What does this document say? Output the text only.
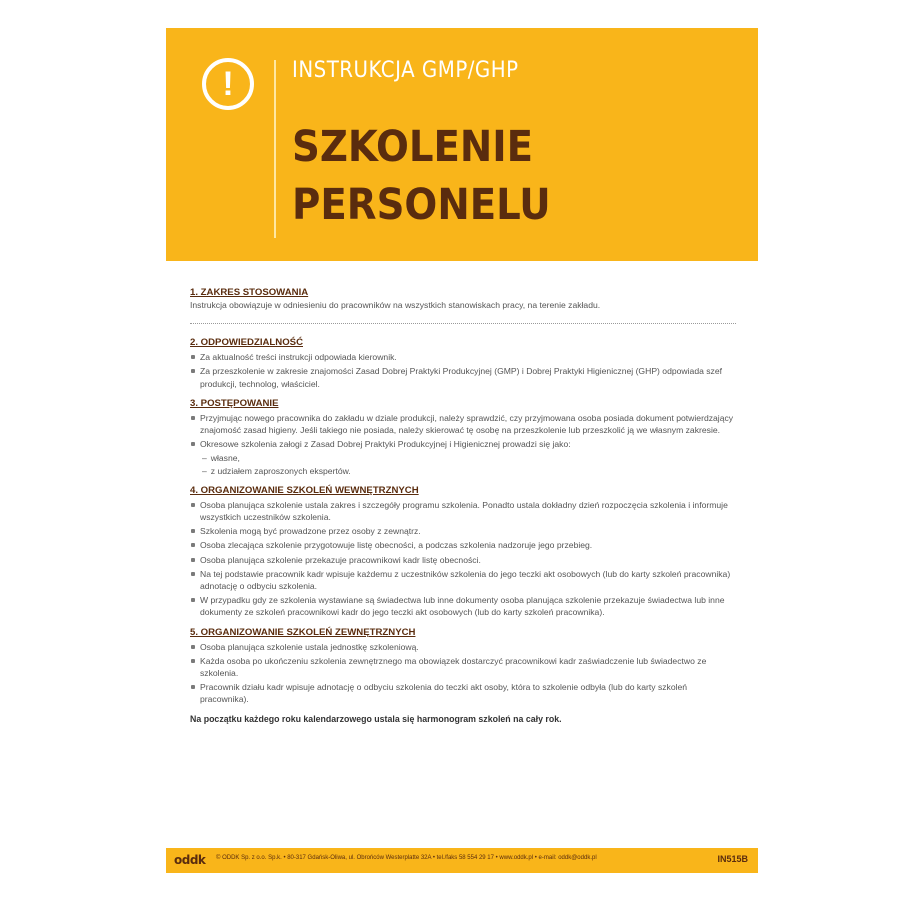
!	INSTRUKCJA GMP/GHP
SZKOLENIE
PERSONELU
1. ZAKRES STOSOWANIA
Instrukcja obowiązuje w odniesieniu do pracowników na wszystkich stanowiskach pracy, na terenie zakładu.
2. ODPOWIEDZIALNOŚĆ
Za aktualność treści instrukcji odpowiada kierownik.
Za przeszkolenie w zakresie znajomości Zasad Dobrej Praktyki Produkcyjnej (GMP) i Dobrej Praktyki Higienicznej (GHP) odpowiada szef produkcji, technolog, właściciel.
3. POSTĘPOWANIE
Przyjmując nowego pracownika do zakładu w dziale produkcji, należy sprawdzić, czy przyjmowana osoba posiada dokument potwierdzający znajomość zasad higieny. Jeśli takiego nie posiada, należy skierować tę osobę na przeszkolenie lub przeszkolić ją we własnym zakresie.
Okresowe szkolenia załogi z Zasad Dobrej Praktyki Produkcyjnej i Higienicznej prowadzi się jako:
– własne,
– z udziałem zaproszonych ekspertów.
4. ORGANIZOWANIE SZKOLEŃ WEWNĘTRZNYCH
Osoba planująca szkolenie ustala zakres i szczegóły programu szkolenia. Ponadto ustala dokładny dzień rozpoczęcia szkolenia i informuje wszystkich uczestników szkolenia.
Szkolenia mogą być prowadzone przez osoby z zewnątrz.
Osoba zlecająca szkolenie przygotowuje listę obecności, a podczas szkolenia nadzoruje jego przebieg.
Osoba planująca szkolenie przekazuje pracownikowi kadr listę obecności.
Na tej podstawie pracownik kadr wpisuje każdemu z uczestników szkolenia do jego teczki akt osobowych (lub do karty szkoleń pracownika) adnotację o odbyciu szkolenia.
W przypadku gdy ze szkolenia wystawiane są świadectwa lub inne dokumenty osoba planująca szkolenie przekazuje świadectwa lub inne dokumenty ze szkoleń pracownikowi kadr do jego teczki akt osobowych (lub do karty szkoleń pracownika).
5. ORGANIZOWANIE SZKOLEŃ ZEWNĘTRZNYCH
Osoba planująca szkolenie ustala jednostkę szkoleniową.
Każda osoba po ukończeniu szkolenia zewnętrznego ma obowiązek dostarczyć pracownikowi kadr zaświadczenie lub świadectwo ze szkolenia.
Pracownik działu kadr wpisuje adnotację o odbyciu szkolenia do teczki akt osoby, która to szkolenie odbyła (lub do karty szkoleń pracownika).
Na początku każdego roku kalendarzowego ustala się harmonogram szkoleń na cały rok.
oddk © ODDK Sp. z o.o. Sp.k. • 80-317 Gdańsk-Oliwa, ul. Obrońców Westerplatte 32A • tel./faks 58 554 29 17 • www.oddk.pl • e-mail: oddk@oddk.pl	IN515B
